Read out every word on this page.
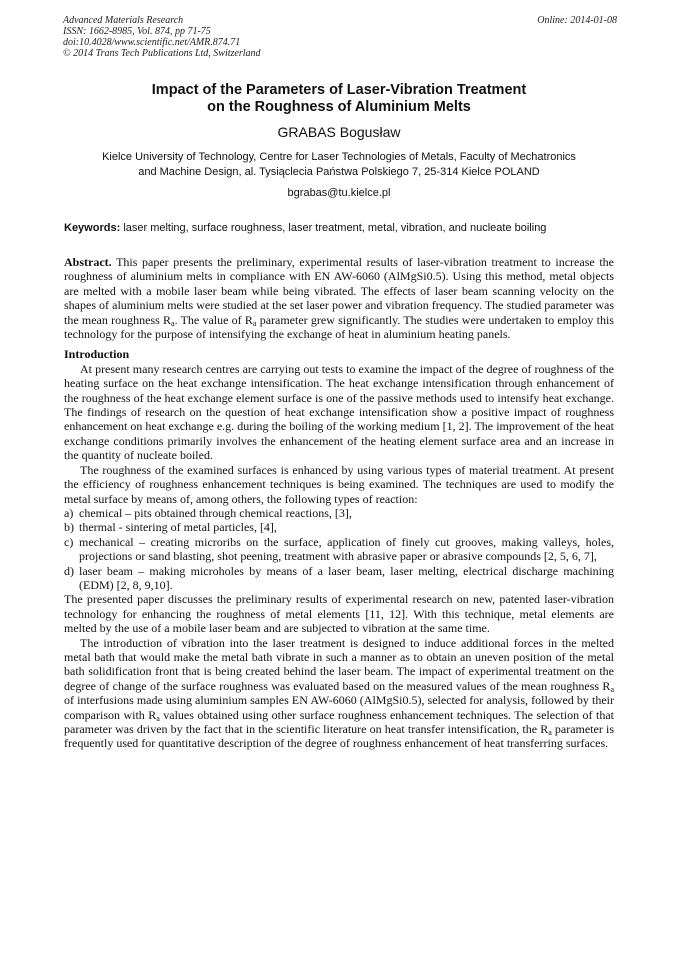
Advanced Materials Research
ISSN: 1662-8985, Vol. 874, pp 71-75
doi:10.4028/www.scientific.net/AMR.874.71
© 2014 Trans Tech Publications Ltd, Switzerland
Online: 2014-01-08
Impact of the Parameters of Laser-Vibration Treatment
on the Roughness of Aluminium Melts
GRABAS Bogusław
Kielce University of Technology, Centre for Laser Technologies of Metals, Faculty of Mechatronics
and Machine Design, al. Tysiąclecia Państwa Polskiego 7, 25-314 Kielce POLAND
bgrabas@tu.kielce.pl
Keywords: laser melting, surface roughness, laser treatment, metal, vibration, and nucleate boiling

Abstract. This paper presents the preliminary, experimental results of laser-vibration treatment to increase the roughness of aluminium melts in compliance with EN AW-6060 (AlMgSi0.5). Using this method, metal objects are melted with a mobile laser beam while being vibrated. The effects of laser beam scanning velocity on the shapes of aluminium melts were studied at the set laser power and vibration frequency. The studied parameter was the mean roughness $R_a$. The value of $R_a$ parameter grew significantly. The studies were undertaken to employ this technology for the purpose of intensifying the exchange of heat in aluminium heating panels.

Introduction

At present many research centres are carrying out tests to examine the impact of the degree of roughness of the heating surface on the heat exchange intensification. The heat exchange intensification through enhancement of the roughness of the heat exchange element surface is one of the passive methods used to intensify heat exchange. The findings of research on the question of heat exchange intensification show a positive impact of roughness enhancement on heat exchange e.g. during the boiling of the working medium [1, 2]. The improvement of the heat exchange conditions primarily involves the enhancement of the heating element surface area and an increase in the quantity of nucleate boiled.

The roughness of the examined surfaces is enhanced by using various types of material treatment. At present the efficiency of roughness enhancement techniques is being examined. The techniques are used to modify the metal surface by means of, among others, the following types of reaction:

a) chemical – pits obtained through chemical reactions, [3],
b) thermal - sintering of metal particles, [4],
c) mechanical – creating microribs on the surface, application of finely cut grooves, making valleys, holes, projections or sand blasting, shot peening, treatment with abrasive paper or abrasive compounds [2, 5, 6, 7],
d) laser beam – making microholes by means of a laser beam, laser melting, electrical discharge machining (EDM) [2, 8, 9,10].

The presented paper discusses the preliminary results of experimental research on new, patented laser-vibration technology for enhancing the roughness of metal elements [11, 12]. With this technique, metal elements are melted by the use of a mobile laser beam and are subjected to vibration at the same time.

The introduction of vibration into the laser treatment is designed to induce additional forces in the melted metal bath that would make the metal bath vibrate in such a manner as to obtain an uneven position of the metal bath solidification front that is being created behind the laser beam. The impact of experimental treatment on the degree of change of the surface roughness was evaluated based on the measured values of the mean roughness $R_a$ of interfusions made using aluminium samples EN AW-6060 (AlMgSi0.5), selected for analysis, followed by their comparison with $R_a$ values obtained using other surface roughness enhancement techniques. The selection of that parameter was driven by the fact that in the scientific literature on heat transfer intensification, the $R_a$ parameter is frequently used for quantitative description of the degree of roughness enhancement of heat transferring surfaces.
